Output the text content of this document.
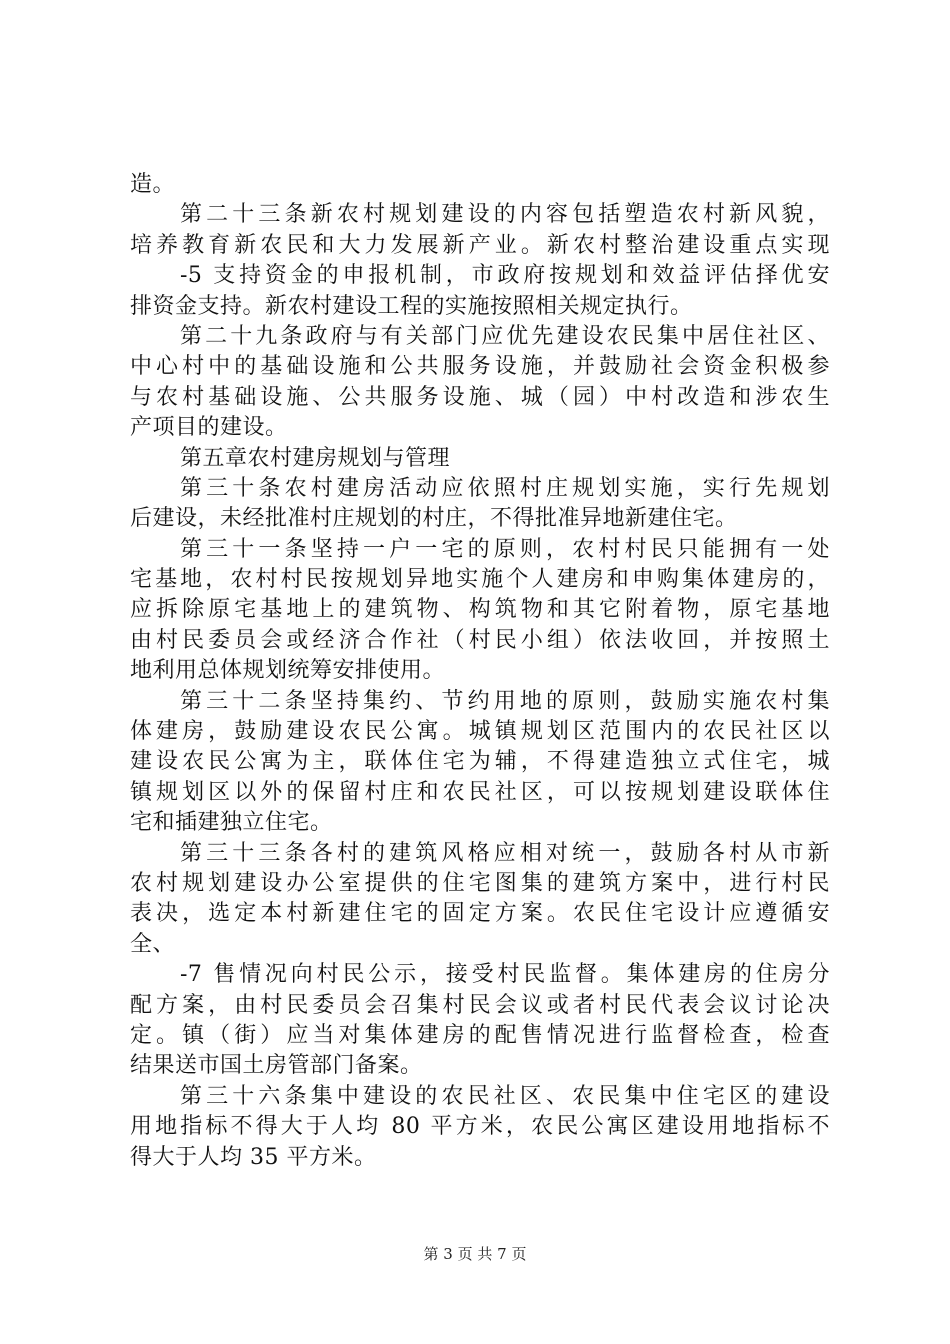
造。
第二十三条新农村规划建设的内容包括塑造农村新风貌，
培养教育新农民和大力发展新产业。新农村整治建设重点实现
-5 支持资金的申报机制，市政府按规划和效益评估择优安
排资金支持。新农村建设工程的实施按照相关规定执行。
第二十九条政府与有关部门应优先建设农民集中居住社区、
中心村中的基础设施和公共服务设施，并鼓励社会资金积极参
与农村基础设施、公共服务设施、城（园）中村改造和涉农生
产项目的建设。
第五章农村建房规划与管理
第三十条农村建房活动应依照村庄规划实施，实行先规划
后建设，未经批准村庄规划的村庄，不得批准异地新建住宅。
第三十一条坚持一户一宅的原则，农村村民只能拥有一处
宅基地，农村村民按规划异地实施个人建房和申购集体建房的，
应拆除原宅基地上的建筑物、构筑物和其它附着物，原宅基地
由村民委员会或经济合作社（村民小组）依法收回，并按照土
地利用总体规划统筹安排使用。
第三十二条坚持集约、节约用地的原则，鼓励实施农村集
体建房，鼓励建设农民公寓。城镇规划区范围内的农民社区以
建设农民公寓为主，联体住宅为辅，不得建造独立式住宅，城
镇规划区以外的保留村庄和农民社区，可以按规划建设联体住
宅和插建独立住宅。
第三十三条各村的建筑风格应相对统一，鼓励各村从市新
农村规划建设办公室提供的住宅图集的建筑方案中，进行村民
表决，选定本村新建住宅的固定方案。农民住宅设计应遵循安
全、
-7 售情况向村民公示，接受村民监督。集体建房的住房分
配方案，由村民委员会召集村民会议或者村民代表会议讨论决
定。镇（街）应当对集体建房的配售情况进行监督检查，检查
结果送市国土房管部门备案。
第三十六条集中建设的农民社区、农民集中住宅区的建设
用地指标不得大于人均 80 平方米，农民公寓区建设用地指标不
得大于人均 35 平方米。
第 3 页 共 7 页
